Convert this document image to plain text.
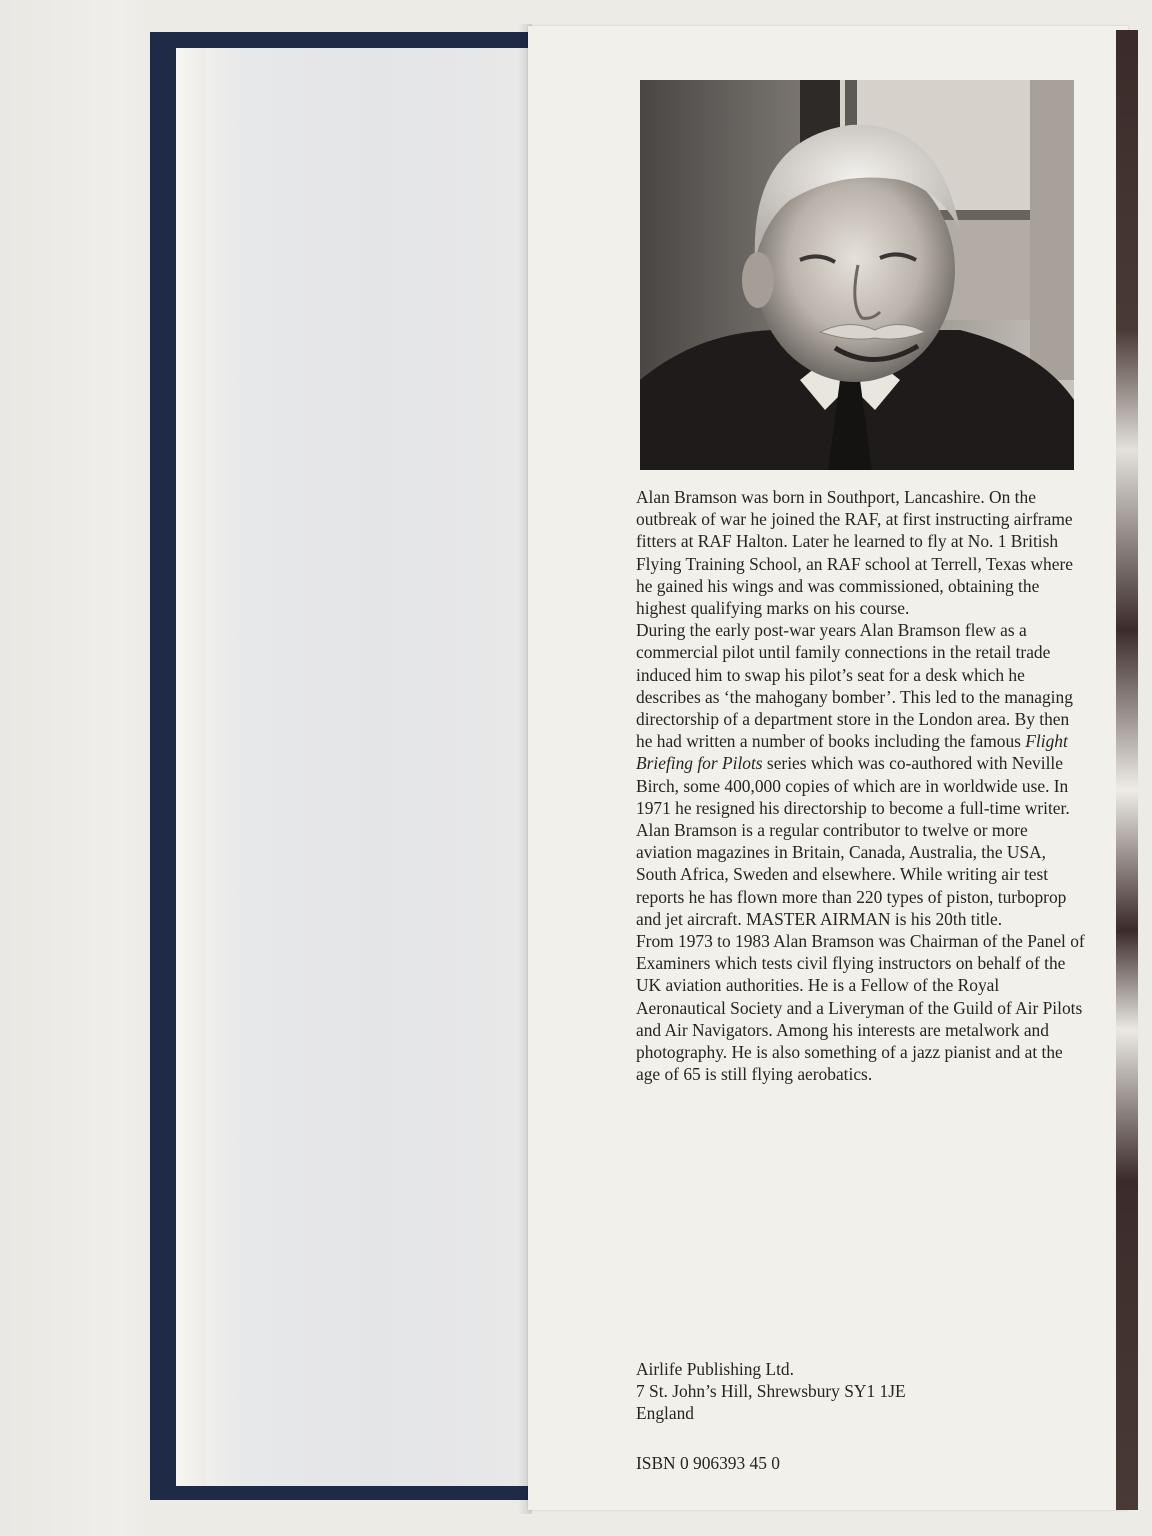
Alan Bramson was born in Southport, Lancashire. On the outbreak of war he joined the RAF, at first instructing airframe fitters at RAF Halton. Later he learned to fly at No. 1 British Flying Training School, an RAF school at Terrell, Texas where he gained his wings and was commissioned, obtaining the highest qualifying marks on his course.

During the early post-war years Alan Bramson flew as a commercial pilot until family connections in the retail trade induced him to swap his pilot’s seat for a desk which he describes as ‘the mahogany bomber’. This led to the managing directorship of a department store in the London area. By then he had written a number of books including the famous Flight Briefing for Pilots series which was co-authored with Neville Birch, some 400,000 copies of which are in worldwide use. In 1971 he resigned his directorship to become a full-time writer.

Alan Bramson is a regular contributor to twelve or more aviation magazines in Britain, Canada, Australia, the USA, South Africa, Sweden and elsewhere. While writing air test reports he has flown more than 220 types of piston, turboprop and jet aircraft. MASTER AIRMAN is his 20th title.

From 1973 to 1983 Alan Bramson was Chairman of the Panel of Examiners which tests civil flying instructors on behalf of the UK aviation authorities. He is a Fellow of the Royal Aeronautical Society and a Liveryman of the Guild of Air Pilots and Air Navigators. Among his interests are metalwork and photography. He is also something of a jazz pianist and at the age of 65 is still flying aerobatics.

Airlife Publishing Ltd.
7 St. John’s Hill, Shrewsbury SY1 1JE
England
ISBN 0 906393 45 0
